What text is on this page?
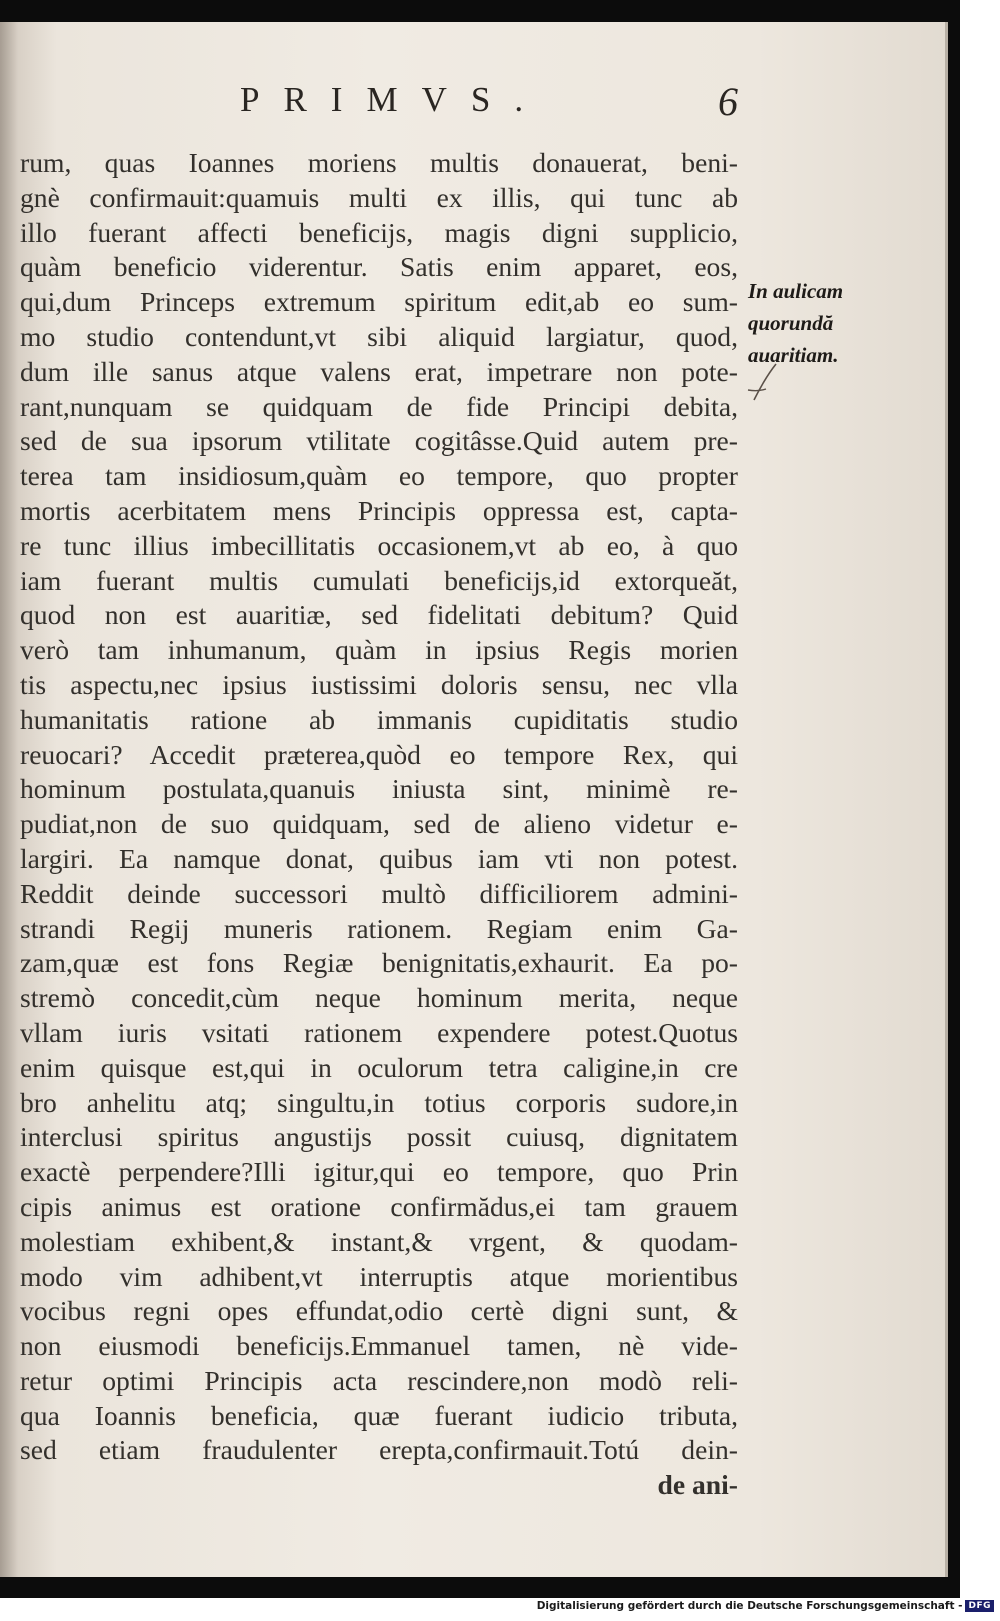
PRIMVS.	6
rum, quas Ioannes moriens multis donauerat, beni-
gnè confirmauit:quamuis multi ex illis, qui tunc ab
illo fuerant affecti beneficijs, magis digni supplicio,
quàm beneficio viderentur. Satis enim apparet, eos,
qui,dum Princeps extremum spiritum edit,ab eo sum-
mo studio contendunt,vt sibi aliquid largiatur, quod,
dum ille sanus atque valens erat, impetrare non pote-
rant,nunquam se quidquam de fide Principi debita,
sed de sua ipsorum vtilitate cogitâsse.Quid autem pre-
terea tam insidiosum,quàm eo tempore, quo propter
mortis acerbitatem mens Principis oppressa est, capta-
re tunc illius imbecillitatis occasionem,vt ab eo, à quo
iam fuerant multis cumulati beneficijs,id extorqueăt,
quod non est auaritiæ, sed fidelitati debitum? Quid
verò tam inhumanum, quàm in ipsius Regis morien
tis aspectu,nec ipsius iustissimi doloris sensu, nec vlla
humanitatis ratione ab immanis cupiditatis studio
reuocari? Accedit præterea,quòd eo tempore Rex, qui
hominum postulata,quanuis iniusta sint, minimè re-
pudiat,non de suo quidquam, sed de alieno videtur e-
largiri. Ea namque donat, quibus iam vti non potest.
Reddit deinde successori multò difficiliorem admini-
strandi Regij muneris rationem. Regiam enim Ga-
zam,quæ est fons Regiæ benignitatis,exhaurit. Ea po-
stremò concedit,cùm neque hominum merita, neque
vllam iuris vsitati rationem expendere potest.Quotus
enim quisque est,qui in oculorum tetra caligine,in cre
bro anhelitu atq; singultu,in totius corporis sudore,in
interclusi spiritus angustijs possit cuiusq, dignitatem
exactè perpendere?Illi igitur,qui eo tempore, quo Prin
cipis animus est oratione confirmădus,ei tam grauem
molestiam exhibent,& instant,& vrgent, & quodam-
modo vim adhibent,vt interruptis atque morientibus
vocibus regni opes effundat,odio certè digni sunt, &
non eiusmodi beneficijs.Emmanuel tamen, nè vide-
retur optimi Principis acta rescindere,non modò reli-
qua Ioannis beneficia, quæ fuerant iudicio tributa,
sed etiam fraudulenter erepta,confirmauit.Totú dein-
de ani-
In aulicam
quorundă
auaritiam.
Digitalisierung gefördert durch die Deutsche Forschungsgemeinschaft - DFG
